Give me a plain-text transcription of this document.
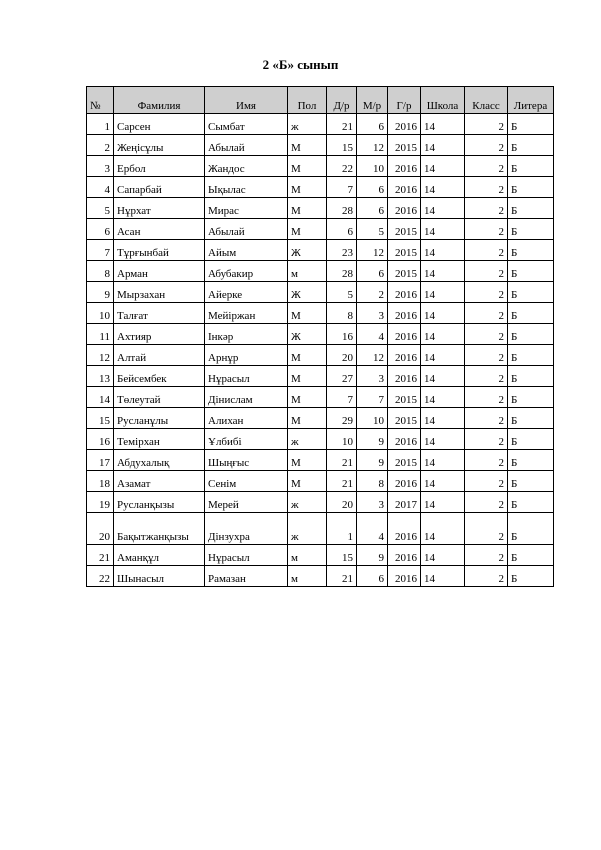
2 «Б» сынып
№	Фамилия	Имя	Пол	Д/р	М/р	Г/р	Школа	Класс	Литера
1	Сарсен	Сымбат	ж	21	6	2016	14	2	Б
2	Жеңісұлы	Абылай	М	15	12	2015	14	2	Б
3	Ербол	Жандос	М	22	10	2016	14	2	Б
4	Сапарбай	Ықылас	М	7	6	2016	14	2	Б
5	Нұрхат	Мирас	М	28	6	2016	14	2	Б
6	Асан	Абылай	М	6	5	2015	14	2	Б
7	Тұрғынбай	Айым	Ж	23	12	2015	14	2	Б
8	Арман	Абубакир	м	28	6	2015	14	2	Б
9	Мырзахан	Айерке	Ж	5	2	2016	14	2	Б
10	Талғат	Мейіржан	М	8	3	2016	14	2	Б
11	Ахтияр	Інкәр	Ж	16	4	2016	14	2	Б
12	Алтай	Арнұр	М	20	12	2016	14	2	Б
13	Бейсембек	Нұрасыл	М	27	3	2016	14	2	Б
14	Төлеутай	Дінислам	М	7	7	2015	14	2	Б
15	Русланұлы	Алихан	М	29	10	2015	14	2	Б
16	Темірхан	Ұлбибі	ж	10	9	2016	14	2	Б
17	Абдухалық	Шыңғыс	М	21	9	2015	14	2	Б
18	Азамат	Сенім	М	21	8	2016	14	2	Б
19	Русланқызы	Мерей	ж	20	3	2017	14	2	Б
20	Бақытжанқызы	Дінзухра	ж	1	4	2016	14	2	Б
21	Аманқұл	Нұрасыл	м	15	9	2016	14	2	Б
22	Шынасыл	Рамазан	м	21	6	2016	14	2	Б
